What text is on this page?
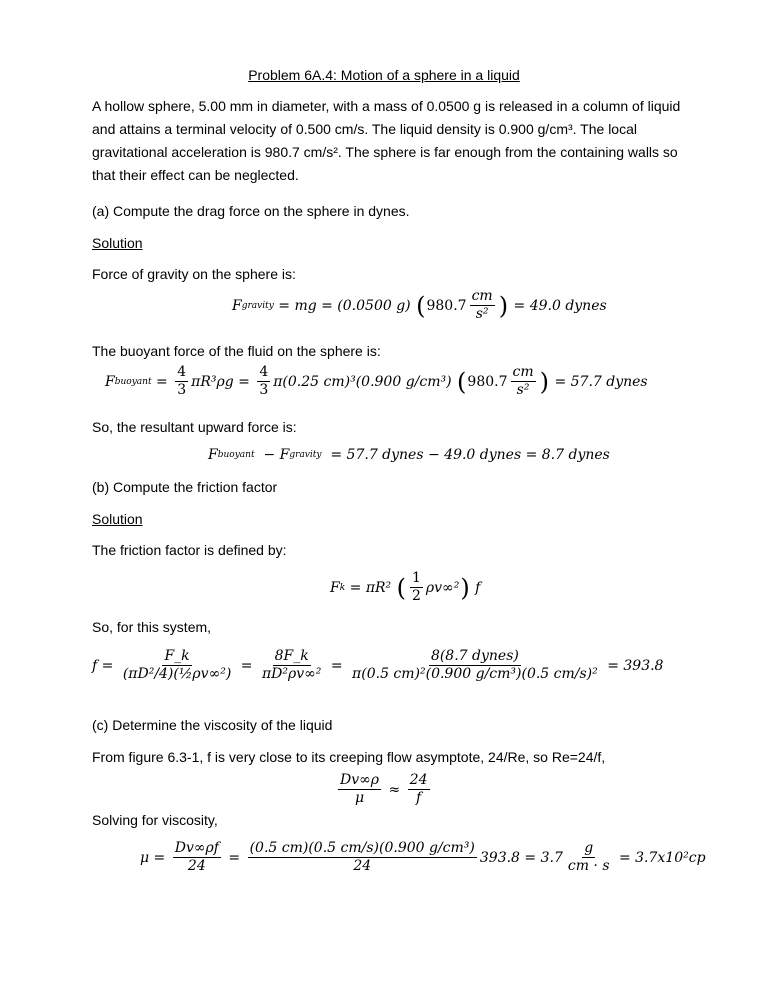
Problem 6A.4: Motion of a sphere in a liquid
A hollow sphere, 5.00 mm in diameter, with a mass of 0.0500 g is released in a column of liquid and attains a terminal velocity of 0.500 cm/s. The liquid density is 0.900 g/cm³. The local gravitational acceleration is 980.7 cm/s². The sphere is far enough from the containing walls so that their effect can be neglected.
(a) Compute the drag force on the sphere in dynes.
Solution
Force of gravity on the sphere is:
F gravity = mg = (0.0500 g) ( 980.7
cm
s² ) = 49.0 dynes
The buoyant force of the fluid on the sphere is:
F buoyant = $\frac{4}{3} \pi R^3\rho g = \frac{4}{3} \pi(0.25$ cm)³(0.900 g/cm³) ( 980.7
cm
s² ) = 57.7 dynes
So, the resultant upward force is:
F buoyant − F gravity = 57.7 dynes − 49.0 dynes = 8.7 dynes
(b) Compute the friction factor
Solution
The friction factor is defined by:
F k = πR² ( 1
2
ρv∞² ) f
So, for this system,
$f = \frac{F\_k}{\text{(πD²/4)(½ρv∞²)}} = \frac{8F\_k}{\text{πD²ρv∞²}}$ =
8(8.7 dynes)
π(0.5 cm)²(0.900 g/cm³)(0.5 cm/s)²
= 393.8
(c) Determine the viscosity of the liquid
From figure 6.3-1, f is very close to its creeping flow asymptote, 24/Re, so Re=24/f,
$\frac{Dv\infty\rho}{\mu} \approx \frac{24}{f}$
Solving for viscosity,
$\mu = \frac{Dv\infty\rho f}{24} = \frac{\text{(0.5 cm)(0.5 cm/s)(0.900 g/cm³)}}{24} 393.8 = 3.7 \frac{g}{cm \cdot s} = 3.7x10^2cp$
